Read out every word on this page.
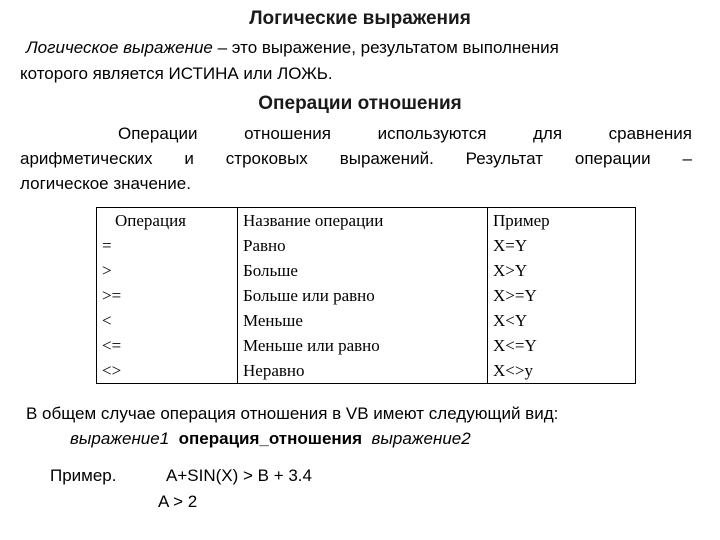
Логические выражения
Логическое выражение – это выражение, результатом выполнения
которого является ИСТИНА или ЛОЖЬ.
Операции отношения
Операции отношения используются для сравнения
арифметических и строковых выражений. Результат операции –
логическое значение.
Операция	Название операции	Пример
=	Равно	X=Y
>	Больше	X>Y
>=	Больше или равно	X>=Y
<	Меньше	X<Y
<=	Меньше или равно	X<=Y
<>	Неравно	X<>y
В общем случае операция отношения в VB имеют следующий вид:
выражение1 операция_отношения выражение2
Пример.	A+SIN(X) > B + 3.4
A > 2
